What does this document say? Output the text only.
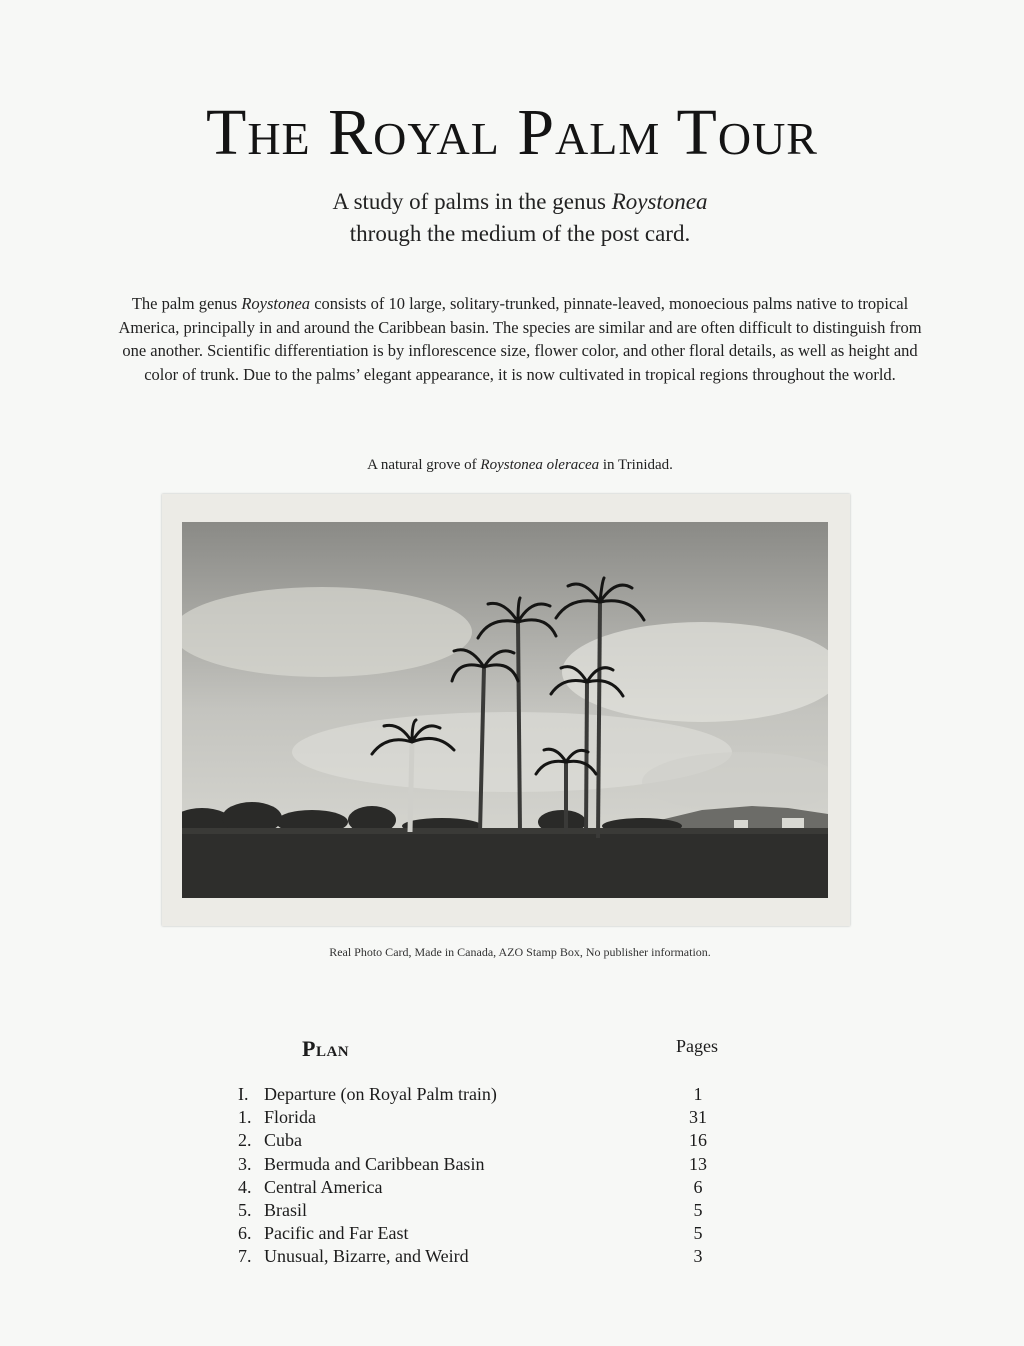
The Royal Palm Tour
A study of palms in the genus Roystonea
through the medium of the post card.
The palm genus Roystonea consists of 10 large, solitary-trunked, pinnate-leaved, monoecious palms native to tropical America, principally in and around the Caribbean basin. The species are similar and are often difficult to distinguish from one another. Scientific differentiation is by inflorescence size, flower color, and other floral details, as well as height and color of trunk. Due to the palms’ elegant appearance, it is now cultivated in tropical regions throughout the world.
A natural grove of Roystonea oleracea in Trinidad.
Real Photo Card, Made in Canada, AZO Stamp Box, No publisher information.
Plan	Pages
I. Departure (on Royal Palm train)	1
1. Florida	31
2. Cuba	16
3. Bermuda and Caribbean Basin	13
4. Central America	6
5. Brasil	5
6. Pacific and Far East	5
7. Unusual, Bizarre, and Weird	3
